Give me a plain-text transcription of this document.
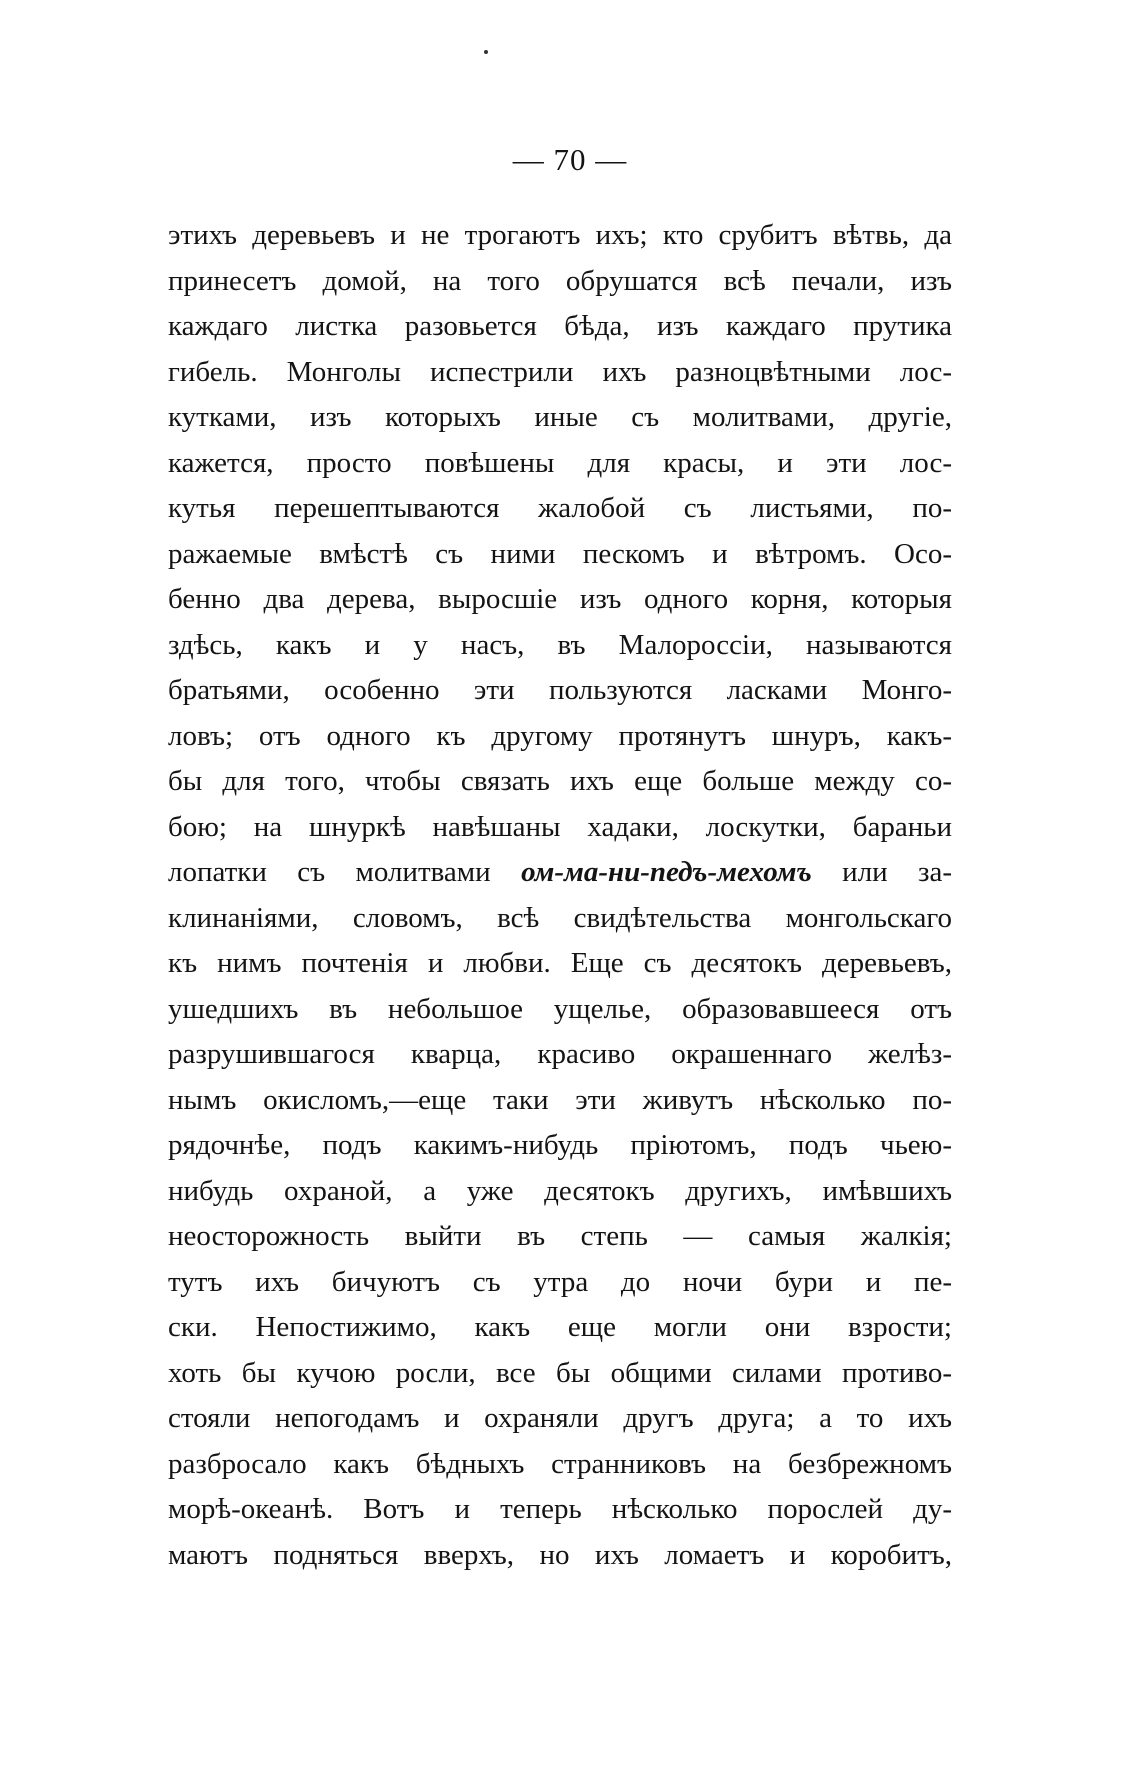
— 70 —
этихъ деревьевъ и не трогаютъ ихъ; кто срубитъ вѣтвь, да
принесетъ домой, на того обрушатся всѣ печали, изъ
каждаго листка разовьется бѣда, изъ каждаго прутика
гибель. Монголы испестрили ихъ разноцвѣтными лос-
кутками, изъ которыхъ иные съ молитвами, другіе,
кажется, просто повѣшены для красы, и эти лос-
кутья перешептываются жалобой съ листьями, по-
ражаемые вмѣстѣ съ ними пескомъ и вѣтромъ. Осо-
бенно два дерева, выросшіе изъ одного корня, которыя
здѣсь, какъ и у насъ, въ Малороссіи, называются
братьями, особенно эти пользуются ласками Монго-
ловъ; отъ одного къ другому протянутъ шнуръ, какъ-
бы для того, чтобы связать ихъ еще больше между со-
бою; на шнуркѣ навѣшаны хадаки, лоскутки, бараньи
лопатки съ молитвами ом-ма-ни-педъ-мехомъ или за-
клинаніями, словомъ, всѣ свидѣтельства монгольскаго
къ нимъ почтенія и любви. Еще съ десятокъ деревьевъ,
ушедшихъ въ небольшое ущелье, образовавшееся отъ
разрушившагося кварца, красиво окрашеннаго желѣз-
нымъ окисломъ,—еще таки эти живутъ нѣсколько по-
рядочнѣе, подъ какимъ-нибудь пріютомъ, подъ чьею-
нибудь охраной, а уже десятокъ другихъ, имѣвшихъ
неосторожность выйти въ степь — самыя жалкія;
тутъ ихъ бичуютъ съ утра до ночи бури и пе-
ски. Непостижимо, какъ еще могли они взрости;
хоть бы кучою росли, все бы общими силами противо-
стояли непогодамъ и охраняли другъ друга; а то ихъ
разбросало какъ бѣдныхъ странниковъ на безбрежномъ
морѣ-океанѣ. Вотъ и теперь нѣсколько порослей ду-
маютъ подняться вверхъ, но ихъ ломаетъ и коробитъ,
